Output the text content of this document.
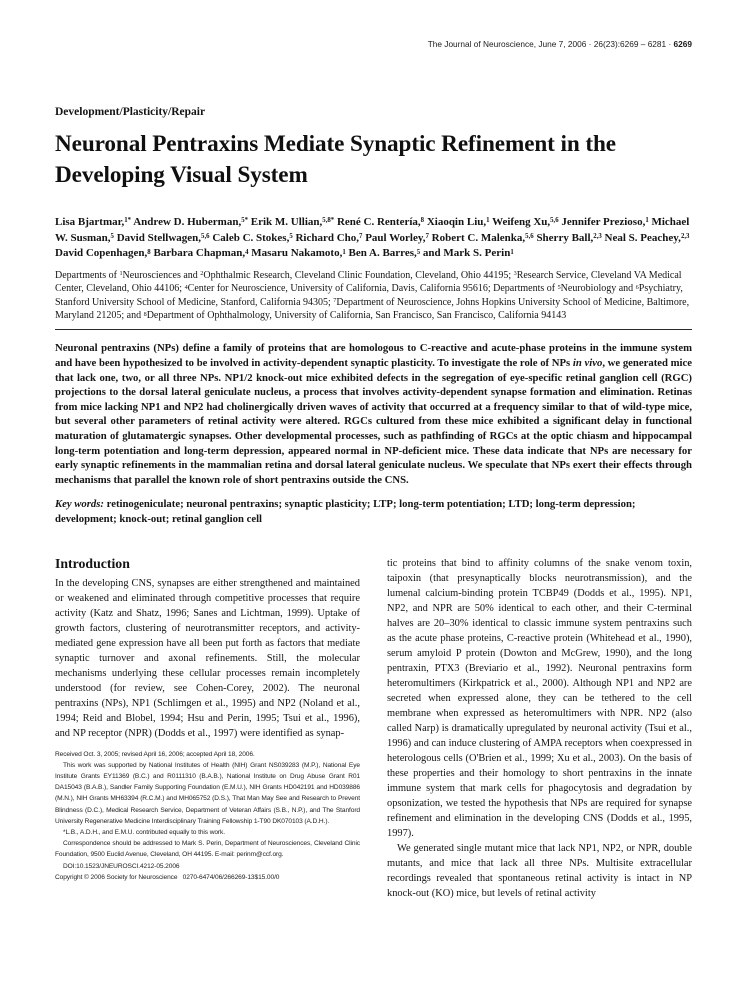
The Journal of Neuroscience, June 7, 2006 · 26(23):6269 – 6281 · 6269
Development/Plasticity/Repair
Neuronal Pentraxins Mediate Synaptic Refinement in the Developing Visual System
Lisa Bjartmar,$^{1*}$ Andrew D. Huberman,$^{5*}$ Erik M. Ullian,$^{5,8*}$ René C. Rentería,$^8$ Xiaoqin Liu,$^1$ Weifeng Xu,$^{5,6}$ Jennifer Prezioso,$^1$ Michael W. Susman,$^5$ David Stellwagen,$^{5,6}$ Caleb C. Stokes,$^5$ Richard Cho,$^7$ Paul Worley,$^7$ Robert C. Malenka,$^{5,6}$ Sherry Ball,$^{2,3}$ Neal S. Peachey,$^{2,3}$ David Copenhagen,$^8$ Barbara Chapman,$^4$ Masaru Nakamoto,$^1$ Ben A. Barres,$^5$ and Mark S. Perin$^1$
Departments of $^1$Neurosciences and $^2$Ophthalmic Research, Cleveland Clinic Foundation, Cleveland, Ohio 44195; $^3$Research Service, Cleveland VA Medical Center, Cleveland, Ohio 44106; $^4$Center for Neuroscience, University of California, Davis, California 95616; Departments of $^5$Neurobiology and $^6$Psychiatry, Stanford University School of Medicine, Stanford, California 94305; $^7$Department of Neuroscience, Johns Hopkins University School of Medicine, Baltimore, Maryland 21205; and $^8$Department of Ophthalmology, University of California, San Francisco, San Francisco, California 94143
Neuronal pentraxins (NPs) define a family of proteins that are homologous to C-reactive and acute-phase proteins in the immune system and have been hypothesized to be involved in activity-dependent synaptic plasticity. To investigate the role of NPs in vivo, we generated mice that lack one, two, or all three NPs. NP1/2 knock-out mice exhibited defects in the segregation of eye-specific retinal ganglion cell (RGC) projections to the dorsal lateral geniculate nucleus, a process that involves activity-dependent synapse formation and elimination. Retinas from mice lacking NP1 and NP2 had cholinergically driven waves of activity that occurred at a frequency similar to that of wild-type mice, but several other parameters of retinal activity were altered. RGCs cultured from these mice exhibited a significant delay in functional maturation of glutamatergic synapses. Other developmental processes, such as pathfinding of RGCs at the optic chiasm and hippocampal long-term potentiation and long-term depression, appeared normal in NP-deficient mice. These data indicate that NPs are necessary for early synaptic refinements in the mammalian retina and dorsal lateral geniculate nucleus. We speculate that NPs exert their effects through mechanisms that parallel the known role of short pentraxins outside the CNS.
Key words: retinogeniculate; neuronal pentraxins; synaptic plasticity; LTP; long-term potentiation; LTD; long-term depression; development; knock-out; retinal ganglion cell
Introduction

In the developing CNS, synapses are either strengthened and maintained or weakened and eliminated through competitive processes that require activity (Katz and Shatz, 1996; Sanes and Lichtman, 1999). Uptake of growth factors, clustering of neurotransmitter receptors, and activity-mediated gene expression have all been put forth as factors that mediate synaptic turnover and axonal refinements. Still, the molecular mechanisms underlying these cellular processes remain incompletely understood (for review, see Cohen-Corey, 2002). The neuronal pentraxins (NPs), NP1 (Schlimgen et al., 1995) and NP2 (Noland et al., 1994; Reid and Blobel, 1994; Hsu and Perin, 1995; Tsui et al., 1996), and NP receptor (NPR) (Dodds et al., 1997) were identified as synap-

Received Oct. 3, 2005; revised April 16, 2006; accepted April 18, 2006.

This work was supported by National Institutes of Health (NIH) Grant NS039283 (M.P.), National Eye Institute Grants EY11369 (B.C.) and R0111310 (B.A.B.), National Institute on Drug Abuse Grant R01 DA15043 (B.A.B.), Sandler Family Supporting Foundation (E.M.U.), NIH Grants HD042191 and HD039886 (M.N.), NIH Grants MH63394 (R.C.M.) and MH065752 (D.S.), That Man May See and Research to Prevent Blindness (D.C.), Medical Research Service, Department of Veteran Affairs (S.B., N.P.), and The Stanford University Regenerative Medicine Interdisciplinary Training Fellowship 1-T90 DK070103 (A.D.H.).

*L.B., A.D.H., and E.M.U. contributed equally to this work.

Correspondence should be addressed to Mark S. Perin, Department of Neurosciences, Cleveland Clinic Foundation, 9500 Euclid Avenue, Cleveland, OH 44195. E-mail: perinm@ccf.org.

DOI:10.1523/JNEUROSCI.4212-05.2006

Copyright © 2006 Society for Neuroscience   0270-6474/06/266269-13$15.00/0

tic proteins that bind to affinity columns of the snake venom toxin, taipoxin (that presynaptically blocks neurotransmission), and the lumenal calcium-binding protein TCBP49 (Dodds et al., 1995). NP1, NP2, and NPR are 50% identical to each other, and their C-terminal halves are 20–30% identical to classic immune system pentraxins such as the acute phase proteins, C-reactive protein (Whitehead et al., 1990), serum amyloid P protein (Dowton and McGrew, 1990), and the long pentraxin, PTX3 (Breviario et al., 1992). Neuronal pentraxins form heteromultimers (Kirkpatrick et al., 2000). Although NP1 and NP2 are secreted when expressed alone, they can be tethered to the cell membrane when expressed as heteromultimers with NPR. NP2 (also called Narp) is dramatically upregulated by neuronal activity (Tsui et al., 1996) and can induce clustering of AMPA receptors when coexpressed in heterologous cells (O'Brien et al., 1999; Xu et al., 2003). On the basis of these properties and their homology to short pentraxins in the innate immune system that mark cells for phagocytosis and degradation by opsonization, we tested the hypothesis that NPs are required for synapse refinement and elimination in the developing CNS (Dodds et al., 1995, 1997).

We generated single mutant mice that lack NP1, NP2, or NPR, double mutants, and mice that lack all three NPs. Multisite extracellular recordings revealed that spontaneous retinal activity is intact in NP knock-out (KO) mice, but levels of retinal activity
